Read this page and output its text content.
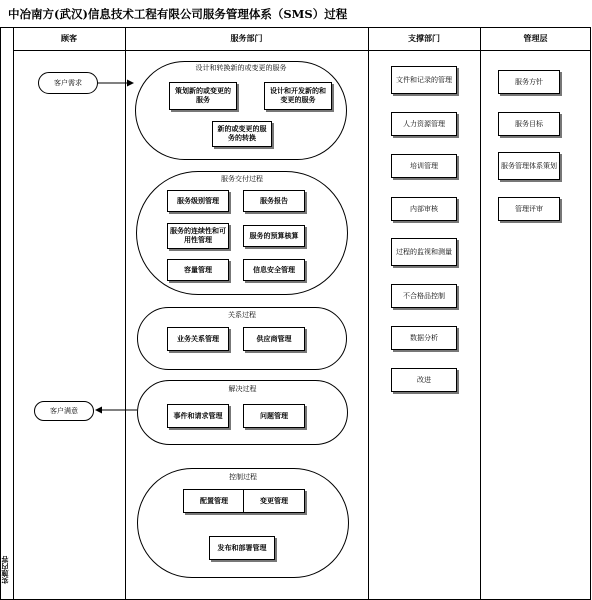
中冶南方(武汉)信息技术工程有限公司服务管理体系（SMS）过程
顾客	服务部门	支撑部门	管理层
实施内容
客户需求
客户满意
设计和转换新的或变更的服务
策划新的或变更的服务
设计和开发新的和变更的服务
新的或变更的服务的转换
服务交付过程
服务级别管理	服务报告
服务的连续性和可用性管理
服务的预算核算
容量管理	信息安全管理
关系过程
业务关系管理	供应商管理
解决过程
事件和请求管理	问题管理
控制过程
配置管理	变更管理
发布和部署管理
文件和记录的管理
人力资源管理
培训管理
内部审核
过程的监视和测量
不合格品控制
数据分析
改进
服务方针
服务目标
服务管理体系策划
管理评审
